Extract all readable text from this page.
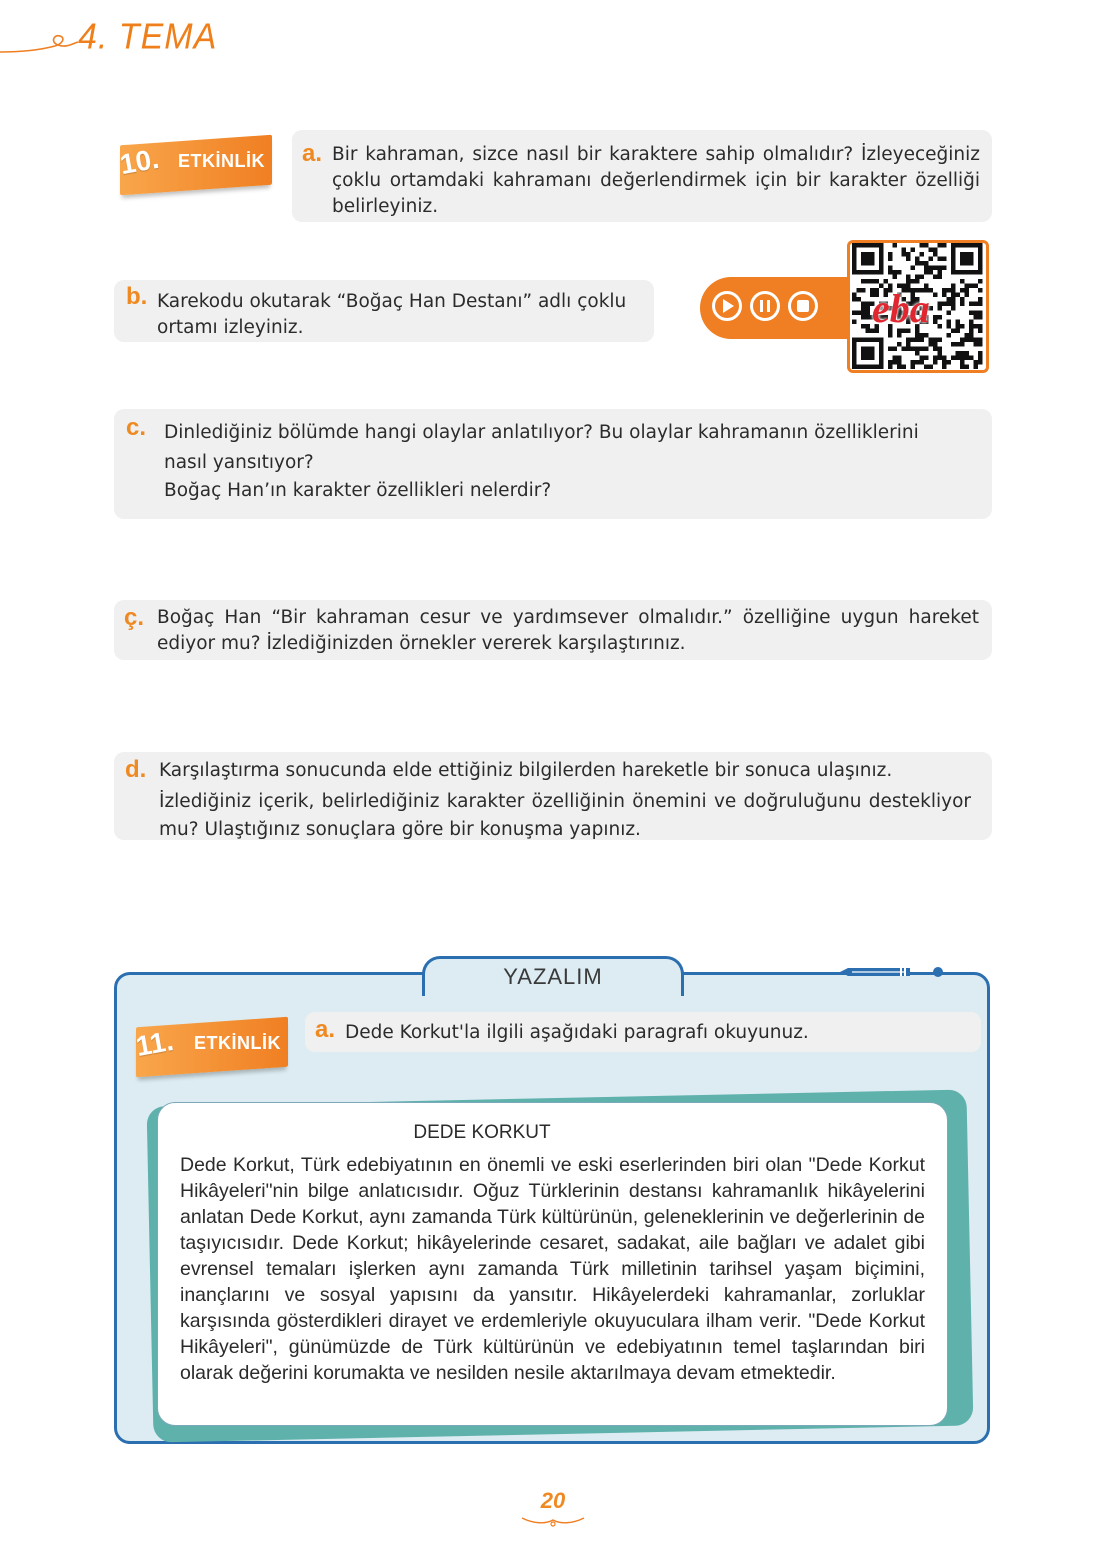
4. TEMA
10. ETKİNLİK a. Bir kahraman, sizce nasıl bir karaktere sahip olmalıdır? İzleyeceğiniz çoklu ortamdaki kahramanı değerlendirmek için bir karakter özelliği belirleyiniz.
b. Karekodu okutarak “Boğaç Han Destanı” adlı çoklu ortamı izleyiniz.	eba
c. Dinlediğiniz bölümde hangi olaylar anlatılıyor? Bu olaylar kahramanın özelliklerini nasıl yansıtıyor?
Boğaç Han’ın karakter özellikleri nelerdir?
ç. Boğaç Han “Bir kahraman cesur ve yardımsever olmalıdır.” özelliğine uygun hareket ediyor mu? İzlediğinizden örnekler vererek karşılaştırınız.
d. Karşılaştırma sonucunda elde ettiğiniz bilgilerden hareketle bir sonuca ulaşınız.
İzlediğiniz içerik, belirlediğiniz karakter özelliğinin önemini ve doğruluğunu destekliyor mu? Ulaştığınız sonuçlara göre bir konuşma yapınız.
YAZALIM
11. ETKİNLİK a. Dede Korkut'la ilgili aşağıdaki paragrafı okuyunuz.
DEDE KORKUT
Dede Korkut, Türk edebiyatının en önemli ve eski eserlerinden biri olan "Dede Korkut Hikâyeleri"nin bilge anlatıcısıdır. Oğuz Türklerinin destansı kahramanlık hikâyelerini anlatan Dede Korkut, aynı zamanda Türk kültürünün, geleneklerinin ve değerlerinin de taşıyıcısıdır. Dede Korkut; hikâyelerinde cesaret, sadakat, aile bağları ve adalet gibi evrensel temaları işlerken aynı zamanda Türk milletinin tarihsel yaşam biçimini, inançlarını ve sosyal yapısını da yansıtır. Hikâyelerdeki kahramanlar, zorluklar karşısında gösterdikleri dirayet ve erdemleriyle okuyuculara ilham verir. "Dede Korkut Hikâyeleri", günümüzde de Türk kültürünün ve edebiyatının temel taşlarından biri olarak değerini korumakta ve nesilden nesile aktarılmaya devam etmektedir.
20
